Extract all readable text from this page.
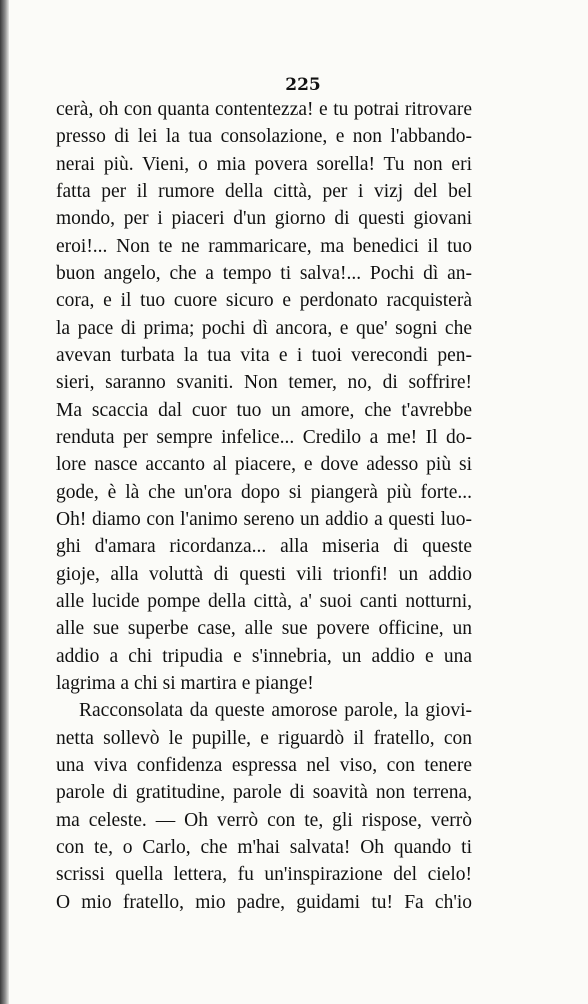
225
cerà, oh con quanta contentezza! e tu potrai ritrovare
presso di lei la tua consolazione, e non l'abbando-
nerai più. Vieni, o mia povera sorella! Tu non eri
fatta per il rumore della città, per i vizj del bel
mondo, per i piaceri d'un giorno di questi giovani
eroi!... Non te ne rammaricare, ma benedici il tuo
buon angelo, che a tempo ti salva!... Pochi dì an-
cora, e il tuo cuore sicuro e perdonato racquisterà
la pace di prima; pochi dì ancora, e que' sogni che
avevan turbata la tua vita e i tuoi verecondi pen-
sieri, saranno svaniti. Non temer, no, di soffrire!
Ma scaccia dal cuor tuo un amore, che t'avrebbe
renduta per sempre infelice... Credilo a me! Il do-
lore nasce accanto al piacere, e dove adesso più si
gode, è là che un'ora dopo si piangerà più forte...
Oh! diamo con l'animo sereno un addio a questi luo-
ghi d'amara ricordanza... alla miseria di queste
gioje, alla voluttà di questi vili trionfi! un addio
alle lucide pompe della città, a' suoi canti notturni,
alle sue superbe case, alle sue povere officine, un
addio a chi tripudia e s'innebria, un addio e una
lagrima a chi si martira e piange!
Racconsolata da queste amorose parole, la giovi-
netta sollevò le pupille, e riguardò il fratello, con
una viva confidenza espressa nel viso, con tenere
parole di gratitudine, parole di soavità non terrena,
ma celeste. — Oh verrò con te, gli rispose, verrò
con te, o Carlo, che m'hai salvata! Oh quando ti
scrissi quella lettera, fu un'inspirazione del cielo!
O mio fratello, mio padre, guidami tu! Fa ch'io
